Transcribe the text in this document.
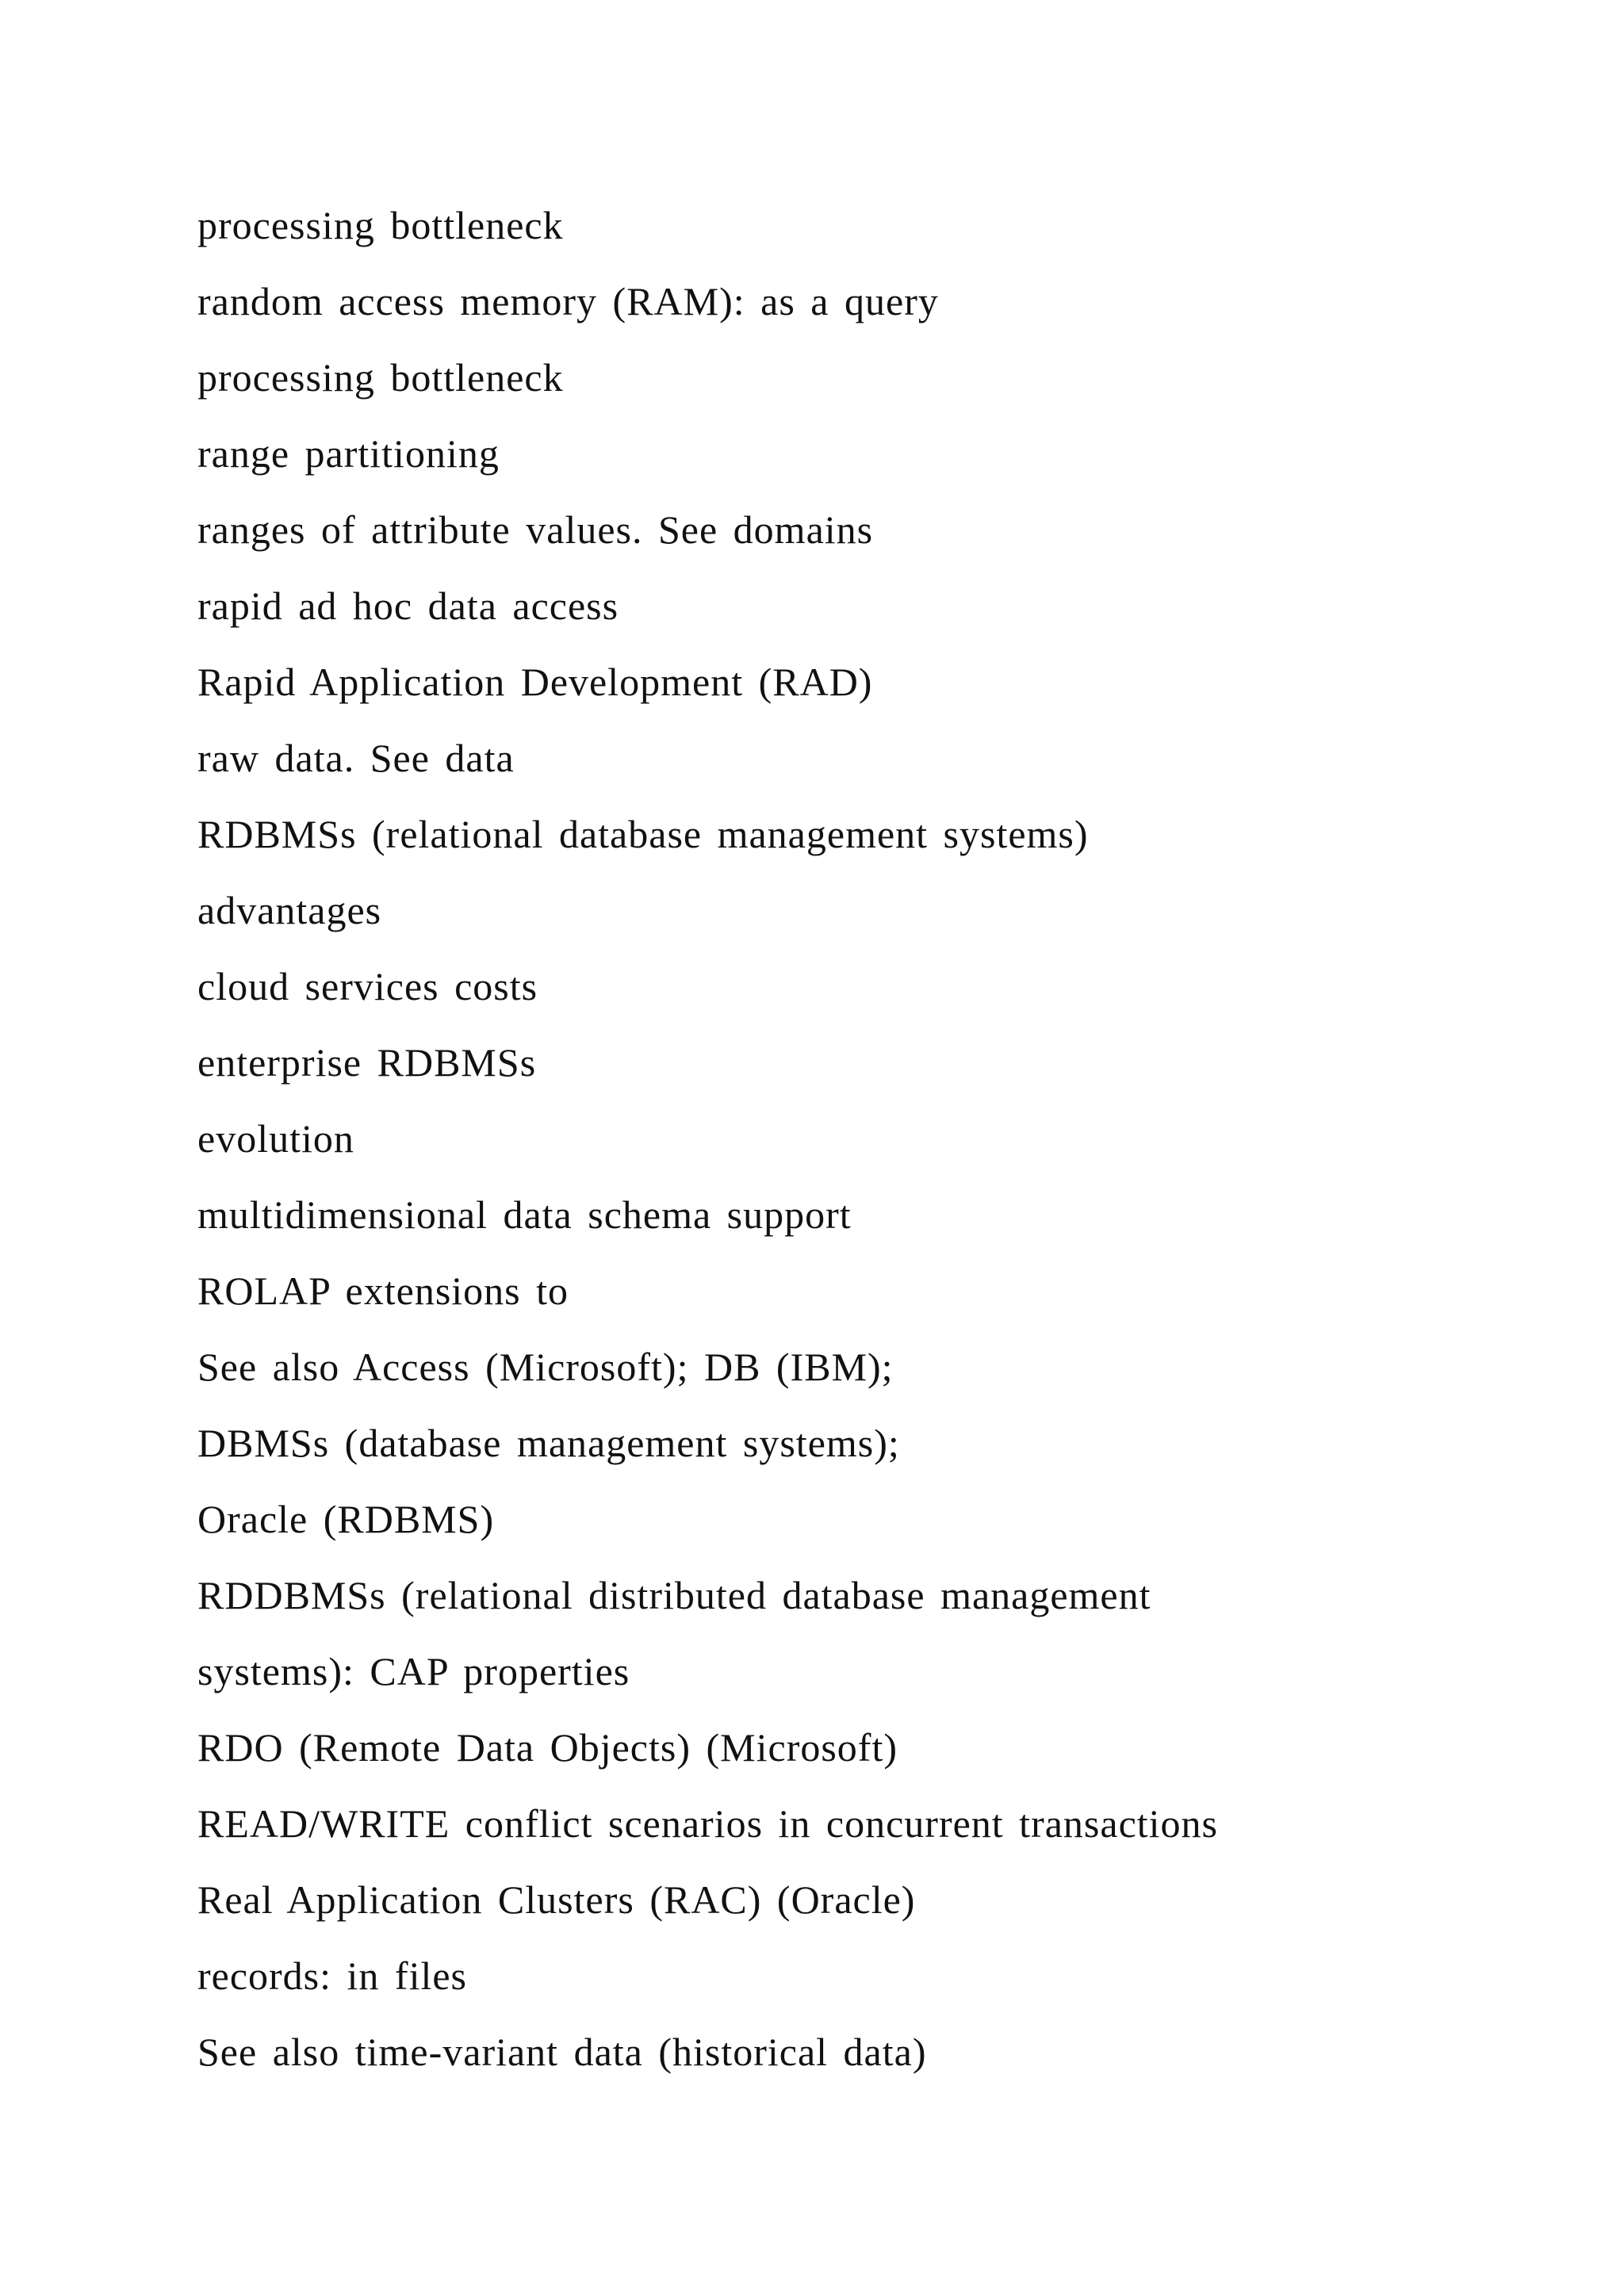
processing bottleneck
random access memory (RAM): as a query
processing bottleneck
range partitioning
ranges of attribute values. See domains
rapid ad hoc data access
Rapid Application Development (RAD)
raw data. See data
RDBMSs (relational database management systems)
advantages
cloud services costs
enterprise RDBMSs
evolution
multidimensional data schema support
ROLAP extensions to
See also Access (Microsoft); DB (IBM);
DBMSs (database management systems);
Oracle (RDBMS)
RDDBMSs (relational distributed database management
systems): CAP properties
RDO (Remote Data Objects) (Microsoft)
READ/WRITE conflict scenarios in concurrent transactions
Real Application Clusters (RAC) (Oracle)
records: in files
See also time-variant data (historical data)
